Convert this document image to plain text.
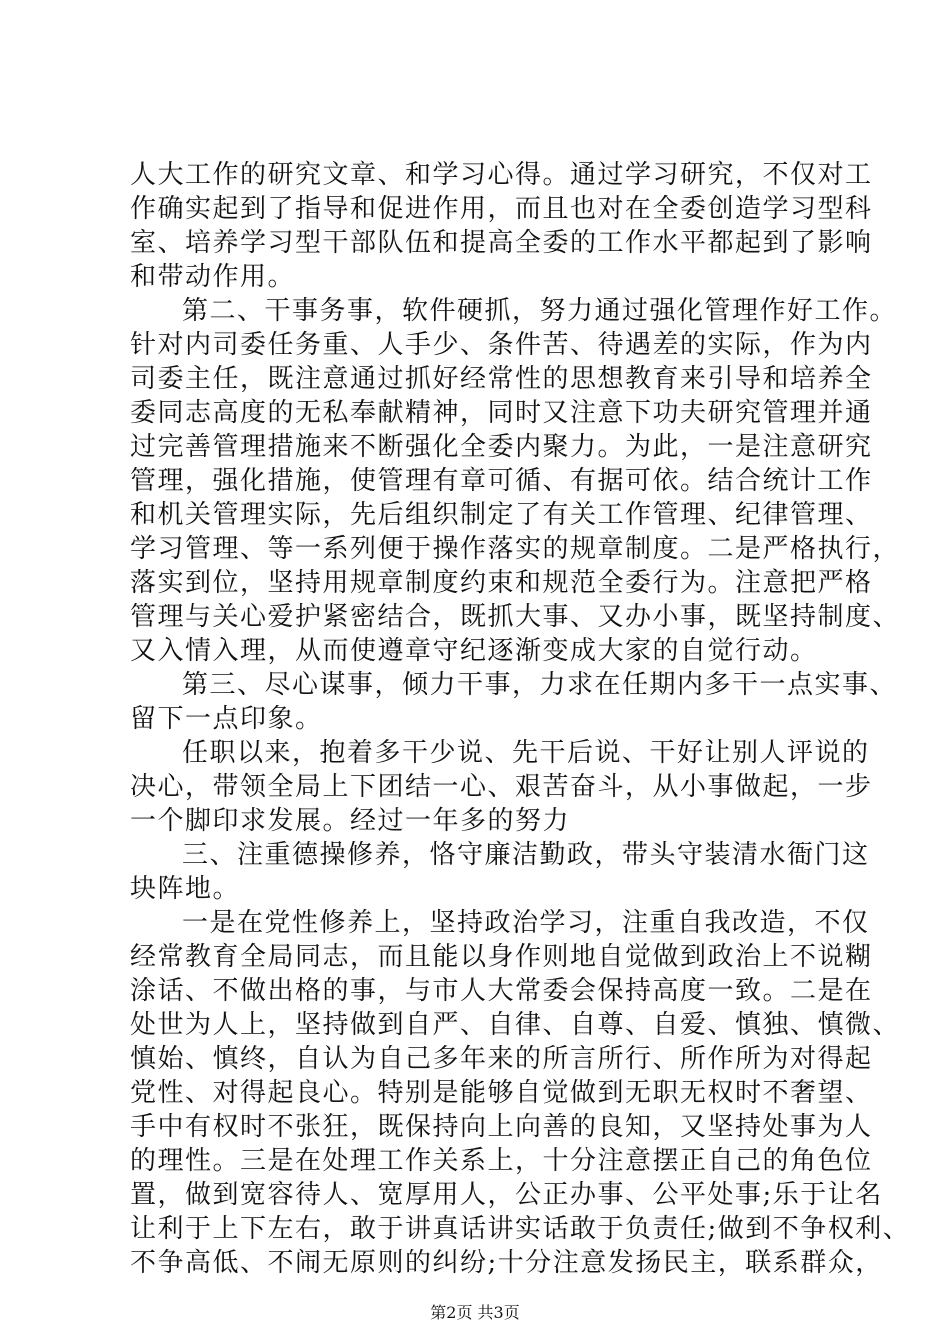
人大工作的研究文章、和学习心得。通过学习研究，不仅对工
作确实起到了指导和促进作用，而且也对在全委创造学习型科
室、培养学习型干部队伍和提高全委的工作水平都起到了影响
和带动作用。
第二、干事务事，软件硬抓，努力通过强化管理作好工作。
针对内司委任务重、人手少、条件苦、待遇差的实际，作为内
司委主任，既注意通过抓好经常性的思想教育来引导和培养全
委同志高度的无私奉献精神，同时又注意下功夫研究管理并通
过完善管理措施来不断强化全委内聚力。为此，一是注意研究
管理，强化措施，使管理有章可循、有据可依。结合统计工作
和机关管理实际，先后组织制定了有关工作管理、纪律管理、
学习管理、等一系列便于操作落实的规章制度。二是严格执行，
落实到位，坚持用规章制度约束和规范全委行为。注意把严格
管理与关心爱护紧密结合，既抓大事、又办小事，既坚持制度、
又入情入理，从而使遵章守纪逐渐变成大家的自觉行动。
第三、尽心谋事，倾力干事，力求在任期内多干一点实事、
留下一点印象。
任职以来，抱着多干少说、先干后说、干好让别人评说的
决心，带领全局上下团结一心、艰苦奋斗，从小事做起，一步
一个脚印求发展。经过一年多的努力
三、注重德操修养，恪守廉洁勤政，带头守装清水衙门这
块阵地。
一是在党性修养上，坚持政治学习，注重自我改造，不仅
经常教育全局同志，而且能以身作则地自觉做到政治上不说糊
涂话、不做出格的事，与市人大常委会保持高度一致。二是在
处世为人上，坚持做到自严、自律、自尊、自爱、慎独、慎微、
慎始、慎终，自认为自己多年来的所言所行、所作所为对得起
党性、对得起良心。特别是能够自觉做到无职无权时不奢望、
手中有权时不张狂，既保持向上向善的良知，又坚持处事为人
的理性。三是在处理工作关系上，十分注意摆正自己的角色位
置，做到宽容待人、宽厚用人，公正办事、公平处事;乐于让名
让利于上下左右，敢于讲真话讲实话敢于负责任;做到不争权利、
不争高低、不闹无原则的纠纷;十分注意发扬民主，联系群众，
第2页 共3页
